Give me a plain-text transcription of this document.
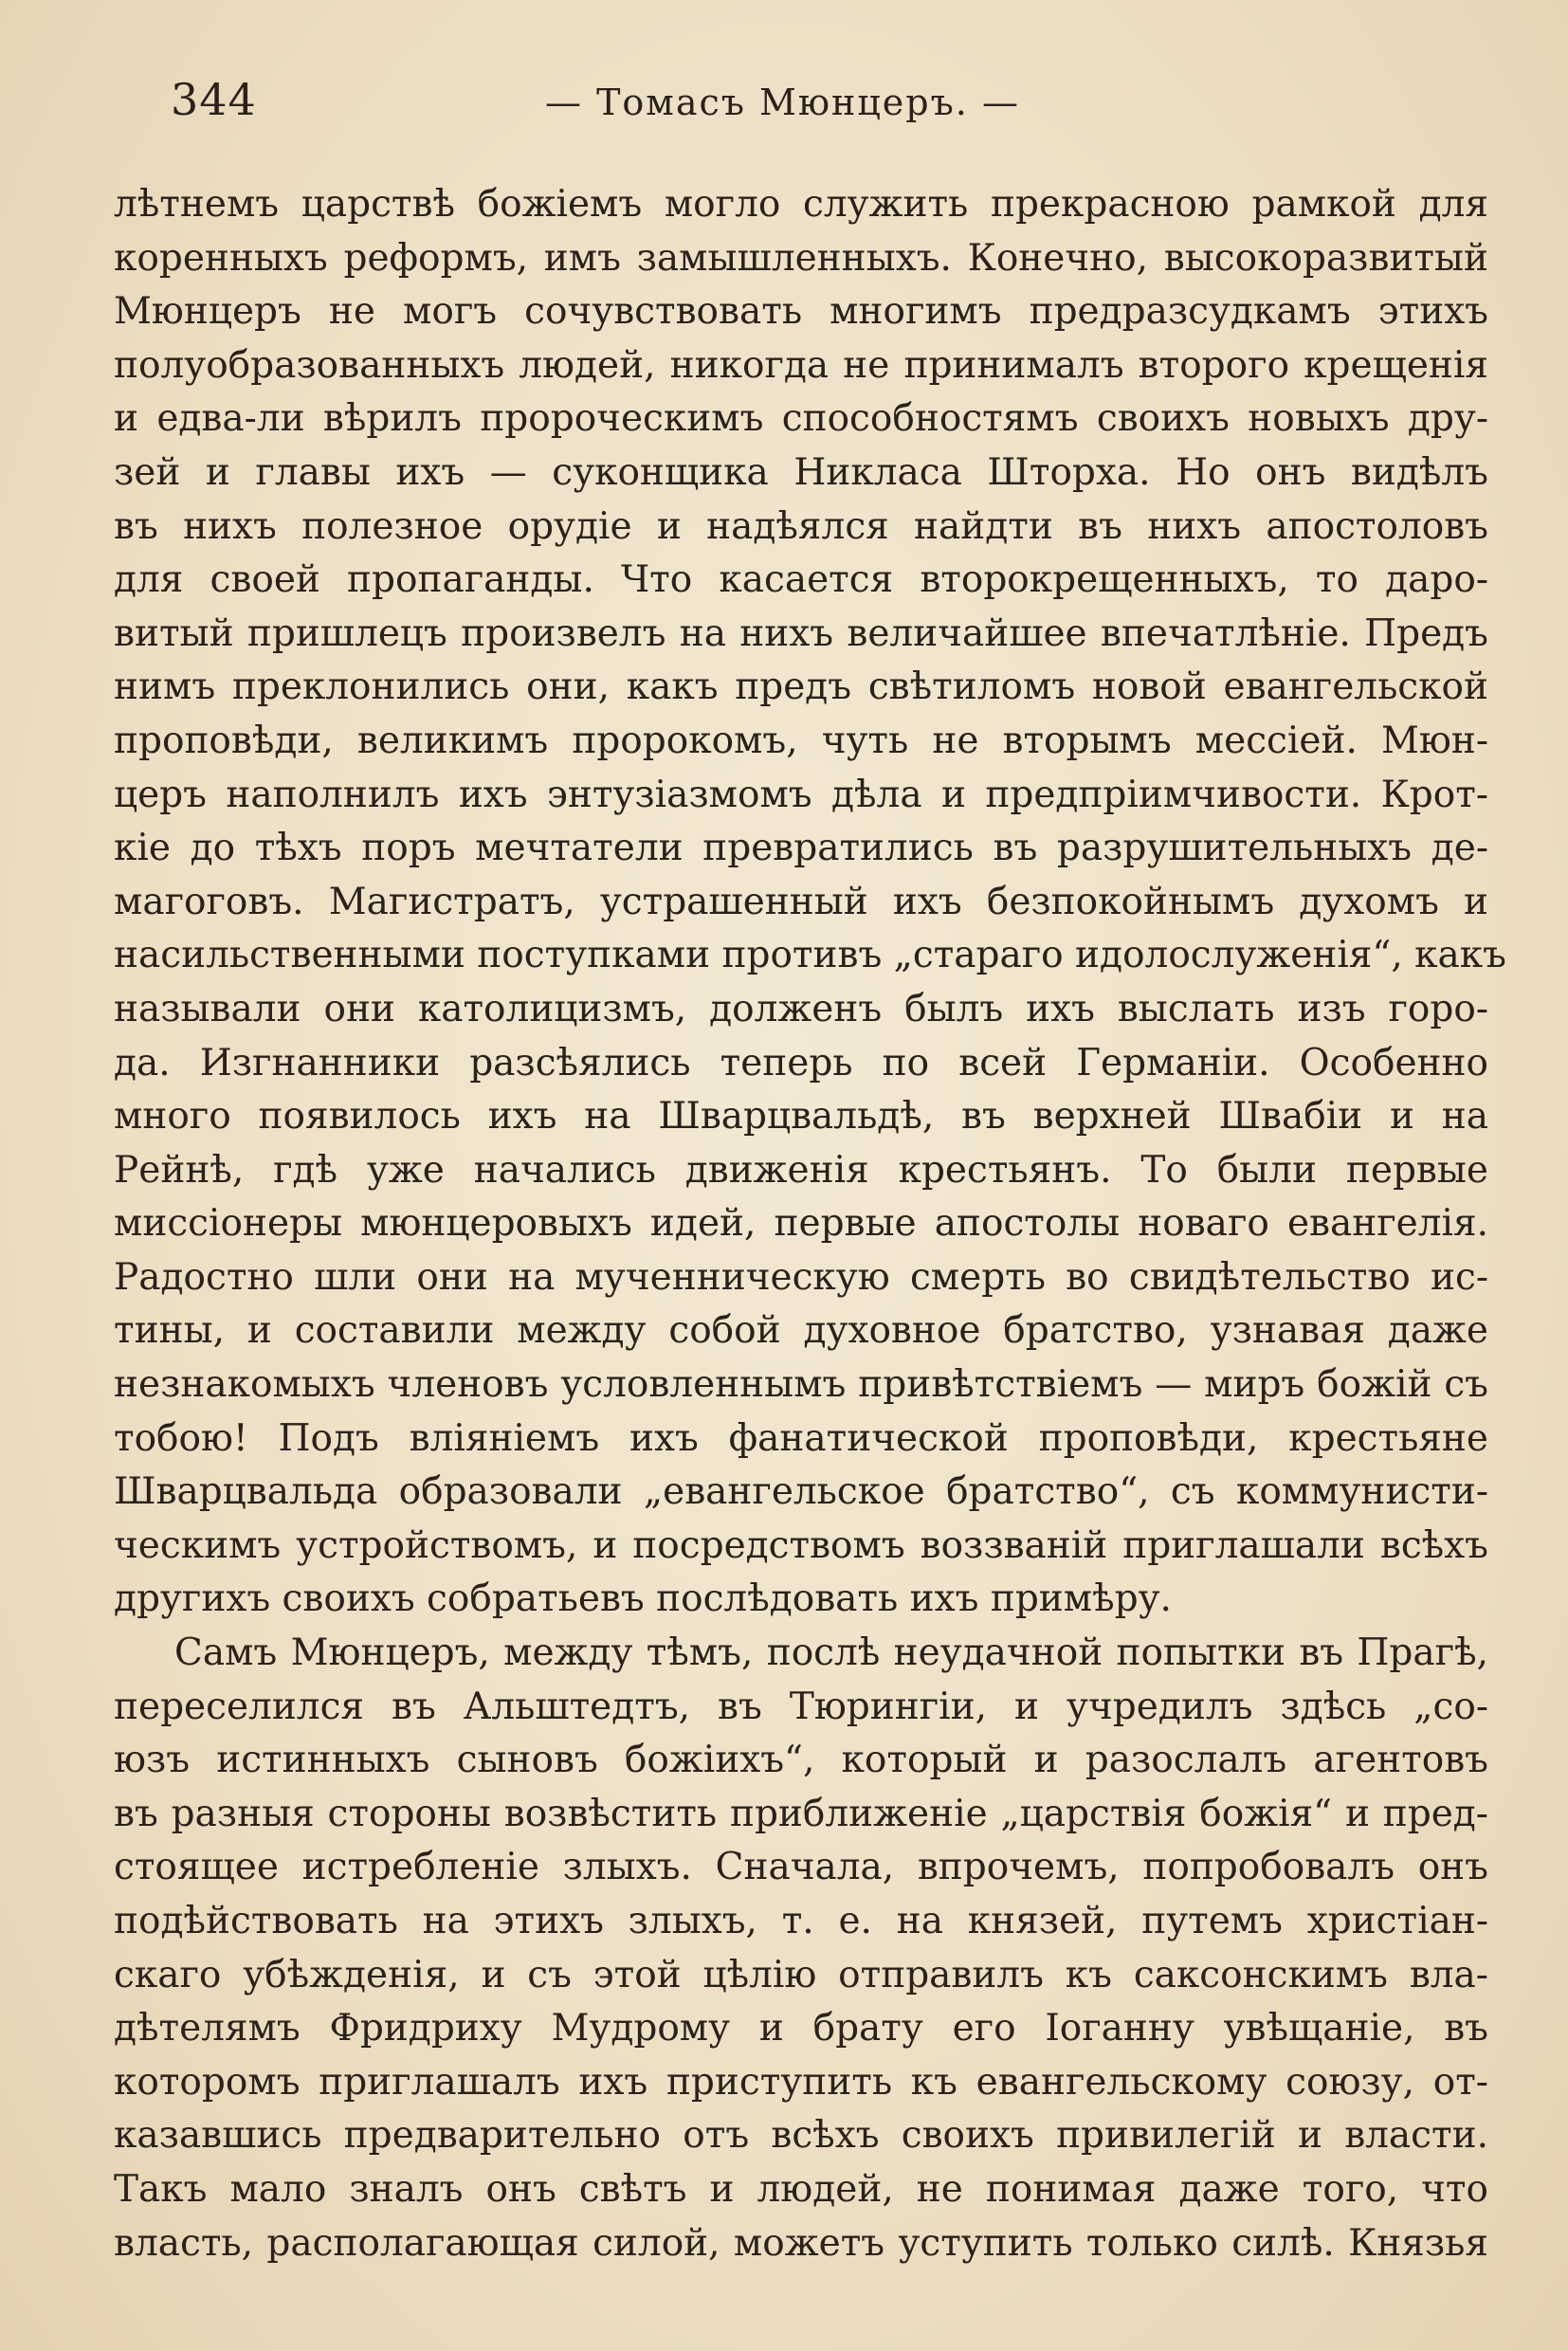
344	— Томасъ Мюнцеръ. —
лѣтнемъ царствѣ божіемъ могло служить прекрасною рамкой для
коренныхъ реформъ, имъ замышленныхъ. Конечно, высокоразвитый
Мюнцеръ не могъ сочувствовать многимъ предразсудкамъ этихъ
полуобразованныхъ людей, никогда не принималъ второго крещенія
и едва-ли вѣрилъ пророческимъ способностямъ своихъ новыхъ дру-
зей и главы ихъ — суконщика Никласа Шторха. Но онъ видѣлъ
въ нихъ полезное орудіе и надѣялся найдти въ нихъ апостоловъ
для своей пропаганды. Что касается второкрещенныхъ, то даро-
витый пришлецъ произвелъ на нихъ величайшее впечатлѣніе. Предъ
нимъ преклонились они, какъ предъ свѣтиломъ новой евангельской
проповѣди, великимъ пророкомъ, чуть не вторымъ мессіей. Мюн-
церъ наполнилъ ихъ энтузіазмомъ дѣла и предпріимчивости. Крот-
кіе до тѣхъ поръ мечтатели превратились въ разрушительныхъ де-
магоговъ. Магистратъ, устрашенный ихъ безпокойнымъ духомъ и
насильственными поступками противъ „стараго идолослуженія“, какъ
называли они католицизмъ, долженъ былъ ихъ выслать изъ горо-
да. Изгнанники разсѣялись теперь по всей Германіи. Особенно
много появилось ихъ на Шварцвальдѣ, въ верхней Швабіи и на
Рейнѣ, гдѣ уже начались движенія крестьянъ. То были первые
миссіонеры мюнцеровыхъ идей, первые апостолы новаго евангелія.
Радостно шли они на мученническую смерть во свидѣтельство ис-
тины, и составили между собой духовное братство, узнавая даже
незнакомыхъ членовъ условленнымъ привѣтствіемъ — миръ божій съ
тобою! Подъ вліяніемъ ихъ фанатической проповѣди, крестьяне
Шварцвальда образовали „евангельское братство“, съ коммунисти-
ческимъ устройствомъ, и посредствомъ воззваній приглашали всѣхъ
другихъ своихъ собратьевъ послѣдовать ихъ примѣру.
Самъ Мюнцеръ, между тѣмъ, послѣ неудачной попытки въ Прагѣ,
переселился въ Альштедтъ, въ Тюрингіи, и учредилъ здѣсь „со-
юзъ истинныхъ сыновъ божіихъ“, который и разослалъ агентовъ
въ разныя стороны возвѣстить приближеніе „царствія божія“ и пред-
стоящее истребленіе злыхъ. Сначала, впрочемъ, попробовалъ онъ
подѣйствовать на этихъ злыхъ, т. е. на князей, путемъ христіан-
скаго убѣжденія, и съ этой цѣлію отправилъ къ саксонскимъ вла-
дѣтелямъ Фридриху Мудрому и брату его Іоганну увѣщаніе, въ
которомъ приглашалъ ихъ приступить къ евангельскому союзу, от-
казавшись предварительно отъ всѣхъ своихъ привилегій и власти.
Такъ мало зналъ онъ свѣтъ и людей, не понимая даже того, что
власть, располагающая силой, можетъ уступить только силѣ. Князья
